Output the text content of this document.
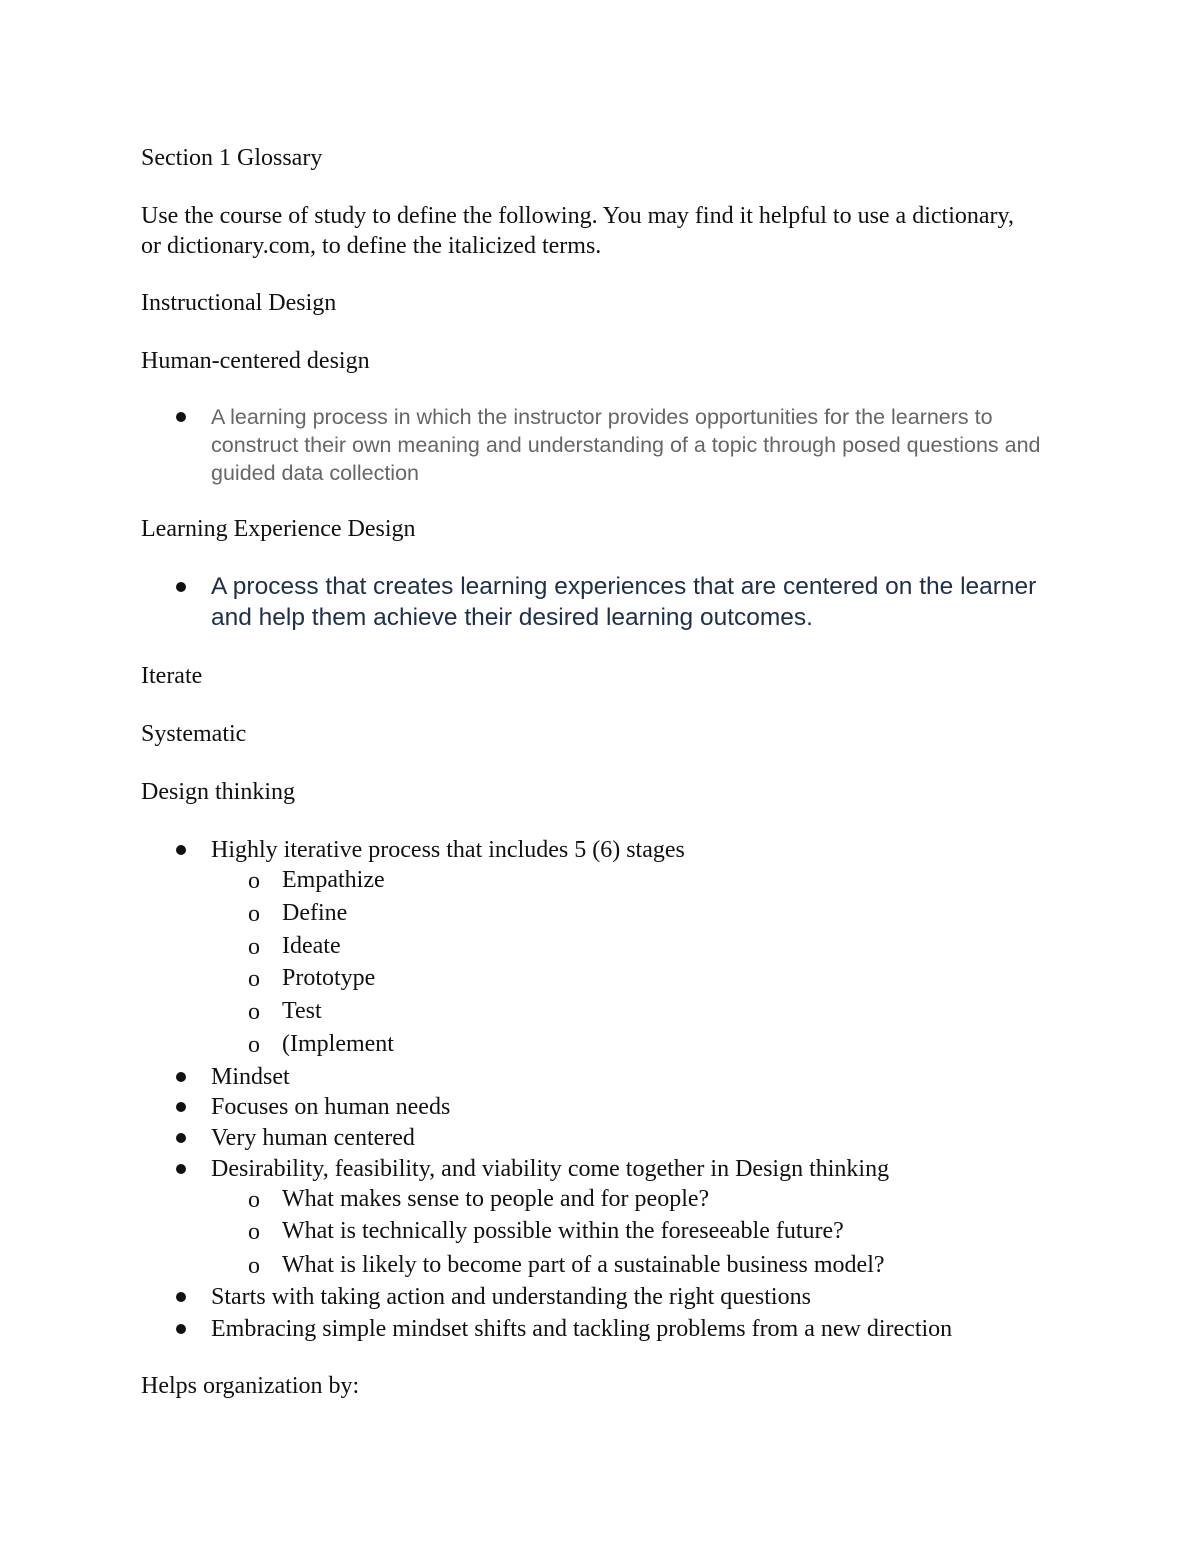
Section 1 Glossary
Use the course of study to define the following. You may find it helpful to use a dictionary, or dictionary.com, to define the italicized terms.
Instructional Design
Human-centered design
A learning process in which the instructor provides opportunities for the learners to construct their own meaning and understanding of a topic through posed questions and guided data collection
Learning Experience Design
A process that creates learning experiences that are centered on the learner and help them achieve their desired learning outcomes.
Iterate
Systematic
Design thinking
Highly iterative process that includes 5 (6) stages
o Empathize
o Define
o Ideate
o Prototype
o Test
o (Implement
Mindset
Focuses on human needs
Very human centered
Desirability, feasibility, and viability come together in Design thinking
o What makes sense to people and for people?
o What is technically possible within the foreseeable future?
o What is likely to become part of a sustainable business model?
Starts with taking action and understanding the right questions
Embracing simple mindset shifts and tackling problems from a new direction
Helps organization by:
